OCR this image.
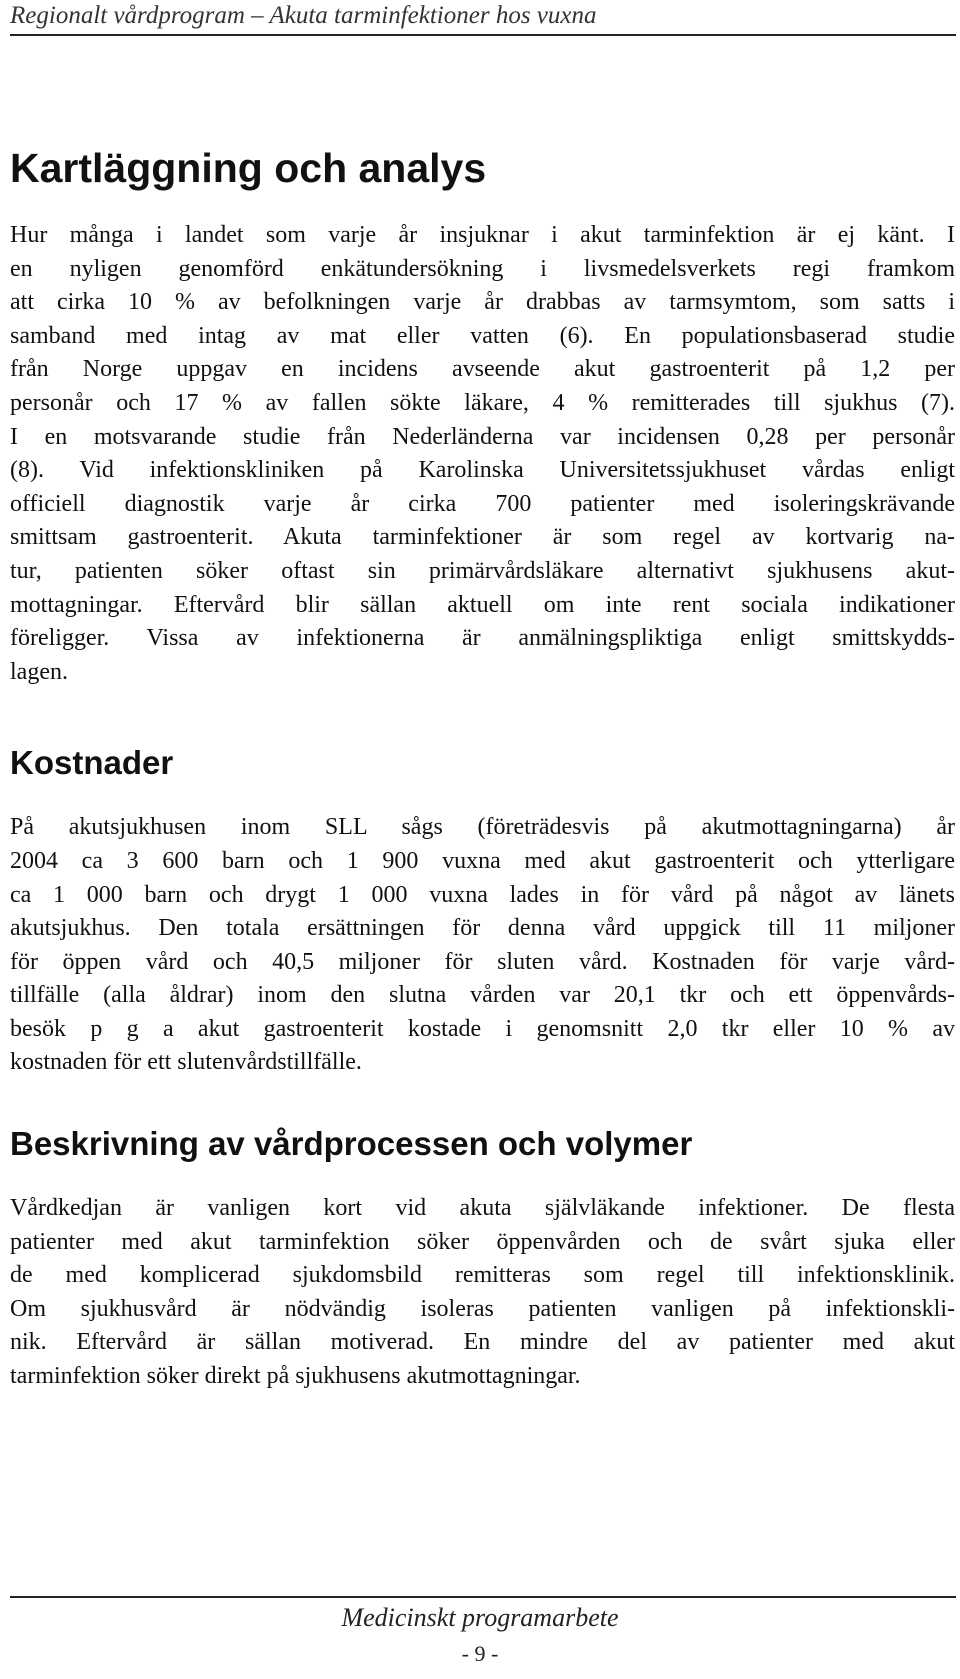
Regionalt vårdprogram – Akuta tarminfektioner hos vuxna
Kartläggning och analys

Hur många i landet som varje år insjuknar i akut tarminfektion är ej känt. I
en nyligen genomförd enkätundersökning i livsmedelsverkets regi framkom
att cirka 10 % av befolkningen varje år drabbas av tarmsymtom, som satts i
samband med intag av mat eller vatten (6). En populationsbaserad studie
från Norge uppgav en incidens avseende akut gastroenterit på 1,2 per
personår och 17 % av fallen sökte läkare, 4 % remitterades till sjukhus (7).
I en motsvarande studie från Nederländerna var incidensen 0,28 per personår
(8). Vid infektionskliniken på Karolinska Universitetssjukhuset vårdas enligt
officiell diagnostik varje år cirka 700 patienter med isoleringskrävande
smittsam gastroenterit. Akuta tarminfektioner är som regel av kortvarig na-
tur, patienten söker oftast sin primärvårdsläkare alternativt sjukhusens akut-
mottagningar. Eftervård blir sällan aktuell om inte rent sociala indikationer
föreligger. Vissa av infektionerna är anmälningspliktiga enligt smittskydds-
lagen.

Kostnader

På akutsjukhusen inom SLL sågs (företrädesvis på akutmottagningarna) år
2004 ca 3 600 barn och 1 900 vuxna med akut gastroenterit och ytterligare
ca 1 000 barn och drygt 1 000 vuxna lades in för vård på något av länets
akutsjukhus. Den totala ersättningen för denna vård uppgick till 11 miljoner
för öppen vård och 40,5 miljoner för sluten vård. Kostnaden för varje vård-
tillfälle (alla åldrar) inom den slutna vården var 20,1 tkr och ett öppenvårds-
besök p g a akut gastroenterit kostade i genomsnitt 2,0 tkr eller 10 % av
kostnaden för ett slutenvårdstillfälle.

Beskrivning av vårdprocessen och volymer

Vårdkedjan är vanligen kort vid akuta självläkande infektioner. De flesta
patienter med akut tarminfektion söker öppenvården och de svårt sjuka eller
de med komplicerad sjukdomsbild remitteras som regel till infektionsklinik.
Om sjukhusvård är nödvändig isoleras patienten vanligen på infektionskli-
nik. Eftervård är sällan motiverad. En mindre del av patienter med akut
tarminfektion söker direkt på sjukhusens akutmottagningar.

Medicinskt programarbete
- 9 -
